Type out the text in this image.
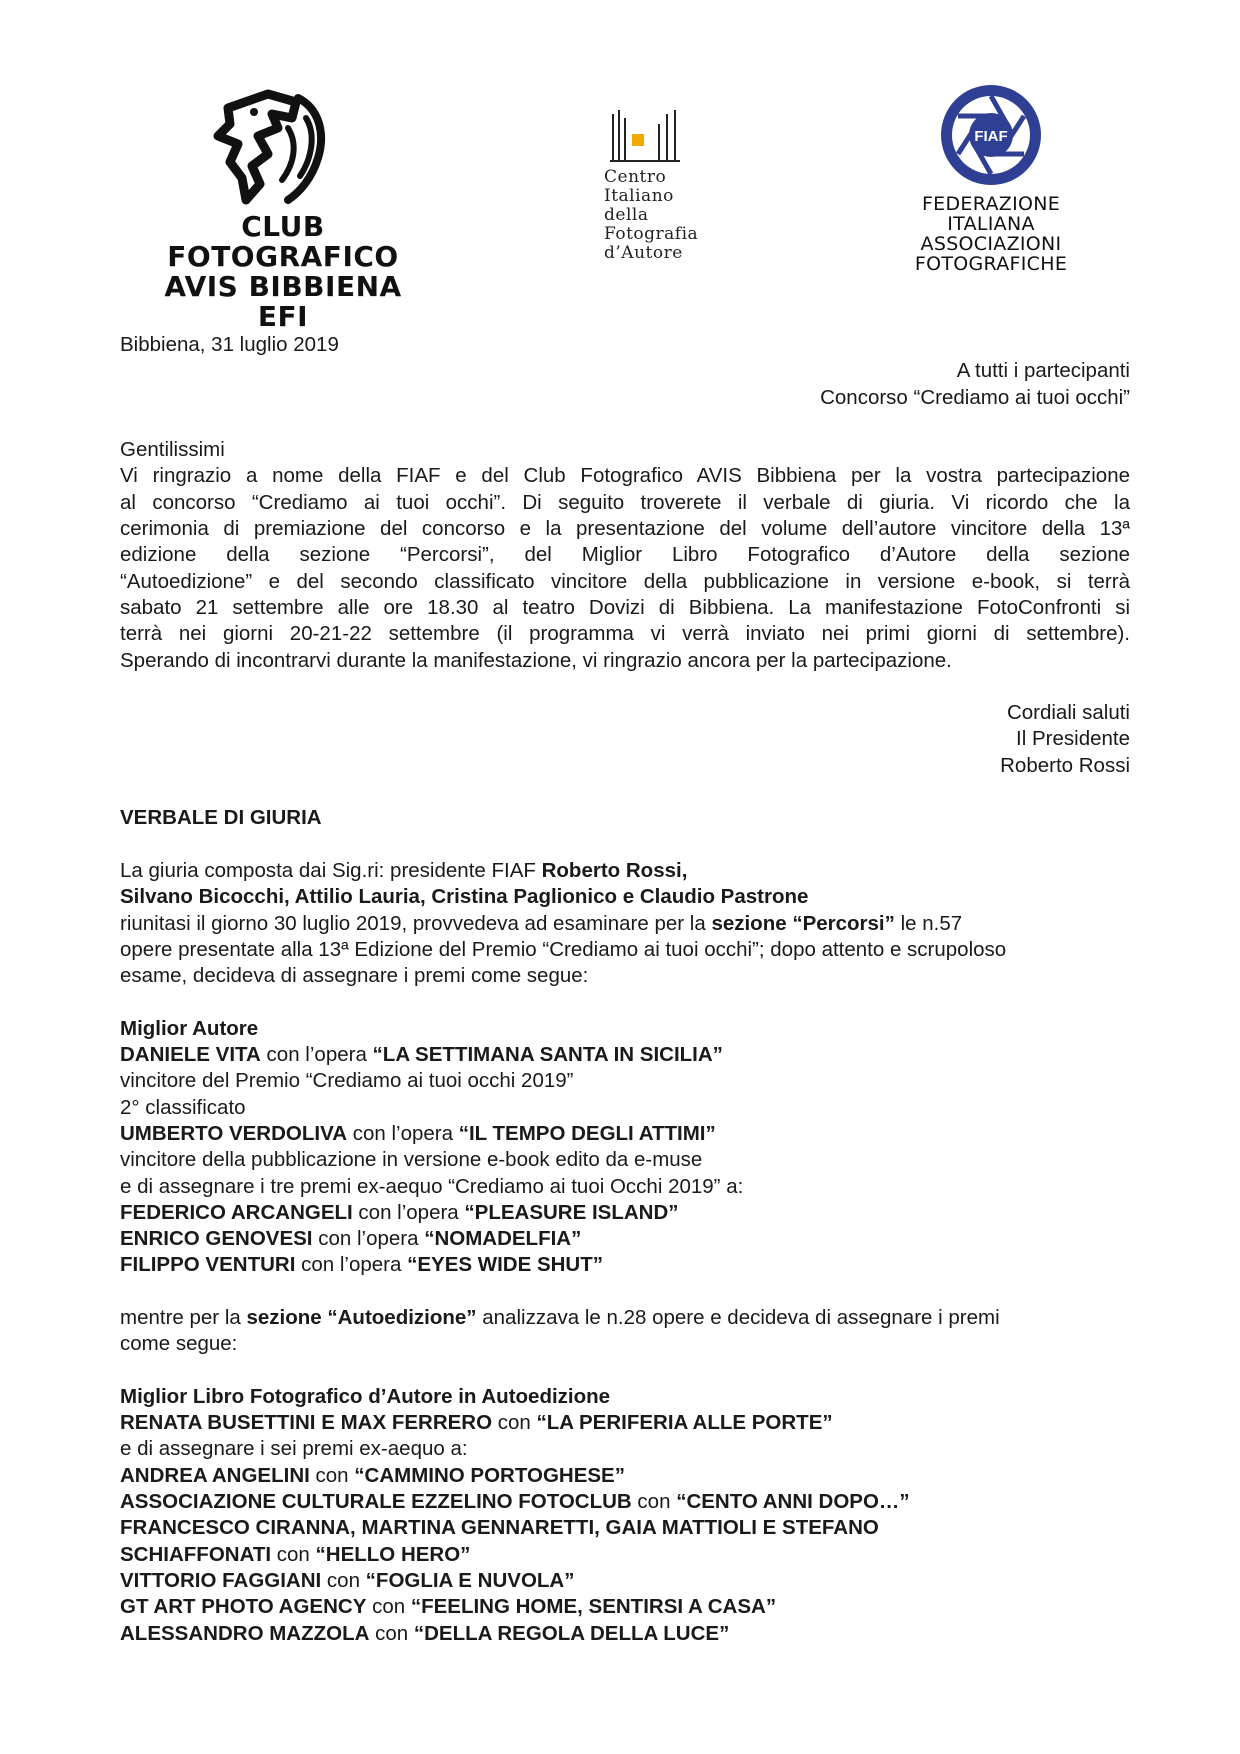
CLUB FOTOGRAFICO
AVIS BIBBIENA EFI
Centro
Italiano
della
Fotografia
d’Autore
FIAF
FEDERAZIONE
ITALIANA
ASSOCIAZIONI
FOTOGRAFICHE

Bibbiena, 31 luglio 2019

A tutti i partecipanti

Concorso “Crediamo ai tuoi occhi”

Gentilissimi

Vi ringrazio a nome della FIAF e del Club Fotografico AVIS Bibbiena per la vostra partecipazione
al concorso “Crediamo ai tuoi occhi”. Di seguito troverete il verbale di giuria. Vi ricordo che la
cerimonia di premiazione del concorso e la presentazione del volume dell’autore vincitore della 13ª
edizione della sezione “Percorsi”, del Miglior Libro Fotografico d’Autore della sezione
“Autoedizione” e del secondo classificato vincitore della pubblicazione in versione e-book, si terrà
sabato 21 settembre alle ore 18.30 al teatro Dovizi di Bibbiena. La manifestazione FotoConfronti si
terrà nei giorni 20-21-22 settembre (il programma vi verrà inviato nei primi giorni di settembre).
Sperando di incontrarvi durante la manifestazione, vi ringrazio ancora per la partecipazione.

Cordiali saluti

Il Presidente

Roberto Rossi

VERBALE DI GIURIA

La giuria composta dai Sig.ri: presidente FIAF Roberto Rossi,

Silvano Bicocchi, Attilio Lauria, Cristina Paglionico e Claudio Pastrone

riunitasi il giorno 30 luglio 2019, provvedeva ad esaminare per la sezione “Percorsi” le n.57

opere presentate alla 13ª Edizione del Premio “Crediamo ai tuoi occhi”; dopo attento e scrupoloso

esame, decideva di assegnare i premi come segue:

Miglior Autore

DANIELE VITA con l’opera “LA SETTIMANA SANTA IN SICILIA”

vincitore del Premio “Crediamo ai tuoi occhi 2019”

2° classificato

UMBERTO VERDOLIVA con l’opera “IL TEMPO DEGLI ATTIMI”

vincitore della pubblicazione in versione e-book edito da e-muse

e di assegnare i tre premi ex-aequo “Crediamo ai tuoi Occhi 2019” a:

FEDERICO ARCANGELI con l’opera “PLEASURE ISLAND”

ENRICO GENOVESI con l’opera “NOMADELFIA”

FILIPPO VENTURI con l’opera “EYES WIDE SHUT”

mentre per la sezione “Autoedizione” analizzava le n.28 opere e decideva di assegnare i premi

come segue:

Miglior Libro Fotografico d’Autore in Autoedizione

RENATA BUSETTINI E MAX FERRERO con “LA PERIFERIA ALLE PORTE”

e di assegnare i sei premi ex-aequo a:

ANDREA ANGELINI con “CAMMINO PORTOGHESE”

ASSOCIAZIONE CULTURALE EZZELINO FOTOCLUB con “CENTO ANNI DOPO…”

FRANCESCO CIRANNA, MARTINA GENNARETTI, GAIA MATTIOLI E STEFANO

SCHIAFFONATI con “HELLO HERO”

VITTORIO FAGGIANI con “FOGLIA E NUVOLA”

GT ART PHOTO AGENCY con “FEELING HOME, SENTIRSI A CASA”

ALESSANDRO MAZZOLA con “DELLA REGOLA DELLA LUCE”
